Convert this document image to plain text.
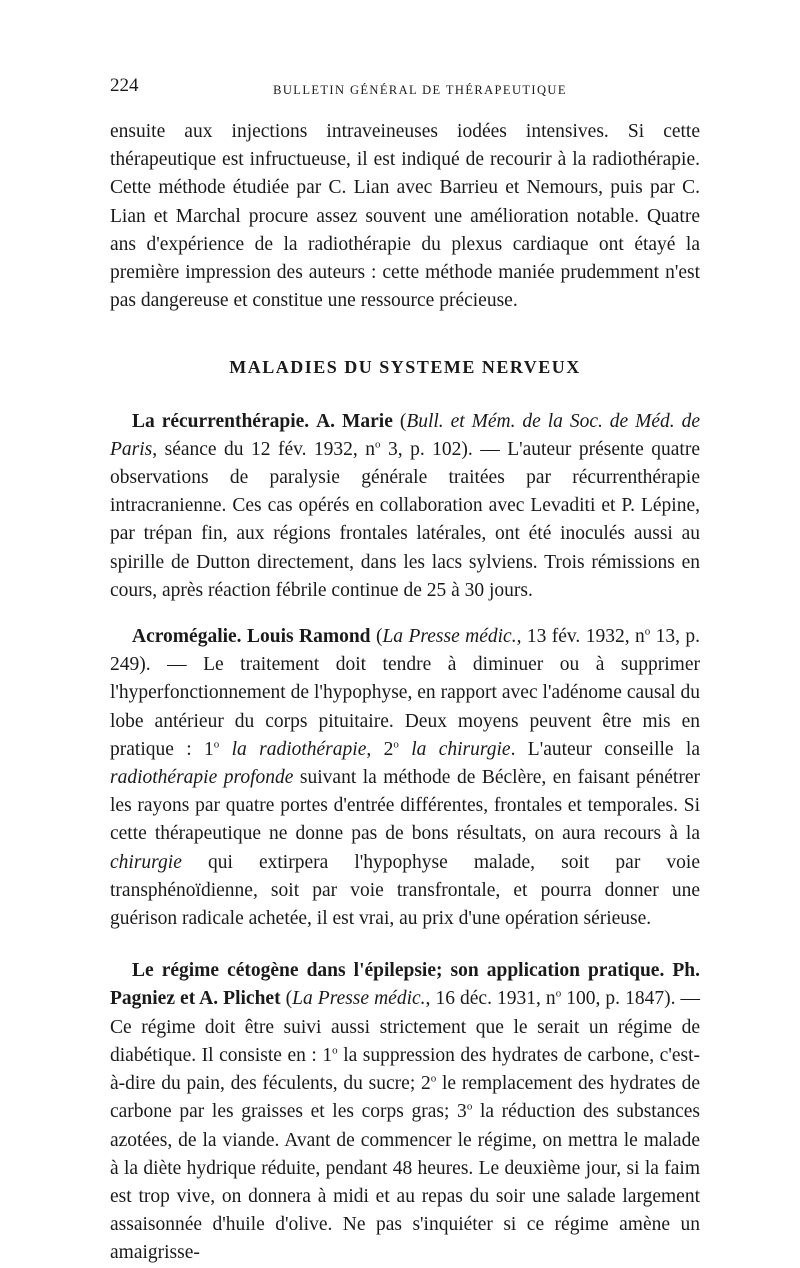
224	BULLETIN GÉNÉRAL DE THÉRAPEUTIQUE

ensuite aux injections intraveineuses iodées intensives. Si cette thérapeutique est infructueuse, il est indiqué de recourir à la radiothérapie. Cette méthode étudiée par C. Lian avec Barrieu et Nemours, puis par C. Lian et Marchal procure assez souvent une amélioration notable. Quatre ans d'expérience de la radiothérapie du plexus cardiaque ont étayé la première impression des auteurs : cette méthode maniée prudemment n'est pas dangereuse et constitue une ressource précieuse.

MALADIES DU SYSTEME NERVEUX

La récurrenthérapie. A. Marie (Bull. et Mém. de la Soc. de Méd. de Paris, séance du 12 fév. 1932, $n^o$ 3, p. 102). — L'auteur présente quatre observations de paralysie générale traitées par récurrenthérapie intracranienne. Ces cas opérés en collaboration avec Levaditi et P. Lépine, par trépan fin, aux régions frontales latérales, ont été inoculés aussi au spirille de Dutton directement, dans les lacs sylviens. Trois rémissions en cours, après réaction fébrile continue de 25 à 30 jours.

Acromégalie. Louis Ramond (La Presse médic., 13 fév. 1932, $n^o$ 13, p. 249). — Le traitement doit tendre à diminuer ou à supprimer l'hyperfonctionnement de l'hypophyse, en rapport avec l'adénome causal du lobe antérieur du corps pituitaire. Deux moyens peuvent être mis en pratique : 1$^o$ la radiothérapie, 2$^o$ la chirurgie. L'auteur conseille la radiothérapie profonde suivant la méthode de Béclère, en faisant pénétrer les rayons par quatre portes d'entrée différentes, frontales et temporales. Si cette thérapeutique ne donne pas de bons résultats, on aura recours à la chirurgie qui extirpera l'hypophyse malade, soit par voie transphénoïdienne, soit par voie transfrontale, et pourra donner une guérison radicale achetée, il est vrai, au prix d'une opération sérieuse.

Le régime cétogène dans l'épilepsie; son application pratique. Ph. Pagniez et A. Plichet (La Presse médic., 16 déc. 1931, $n^o$ 100, p. 1847). — Ce régime doit être suivi aussi strictement que le serait un régime de diabétique. Il consiste en : 1$^o$ la suppression des hydrates de carbone, c'est-à-dire du pain, des féculents, du sucre; 2$^o$ le remplacement des hydrates de carbone par les graisses et les corps gras; 3$^o$ la réduction des substances azotées, de la viande. Avant de commencer le régime, on mettra le malade à la diète hydrique réduite, pendant 48 heures. Le deuxième jour, si la faim est trop vive, on donnera à midi et au repas du soir une salade largement assaisonnée d'huile d'olive. Ne pas s'inquiéter si ce régime amène un amaigrisse-
